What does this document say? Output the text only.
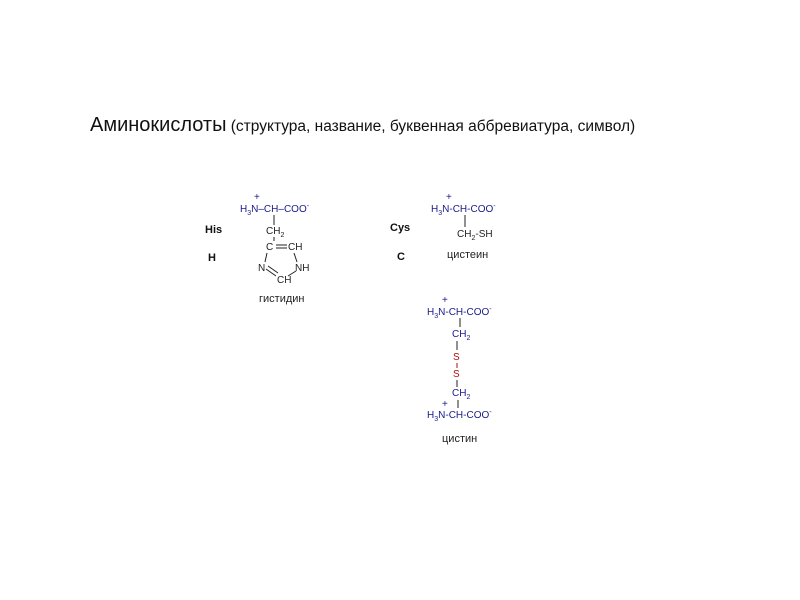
Аминокислоты (структура, название, буквенная аббревиатура, символ)
His
H
Cys
C
+
$H_3N-CH-COO^-$
$CH_2$
C CH
N	NH
CH
гистидин
+
$H_3N-CH-COO^-$
$CH_2-SH$
цистеин
+
$H_3N-CH-COO^-$
$CH_2$
S
S
$CH_2$
+
$H_3N-CH-COO^-$
цистин
